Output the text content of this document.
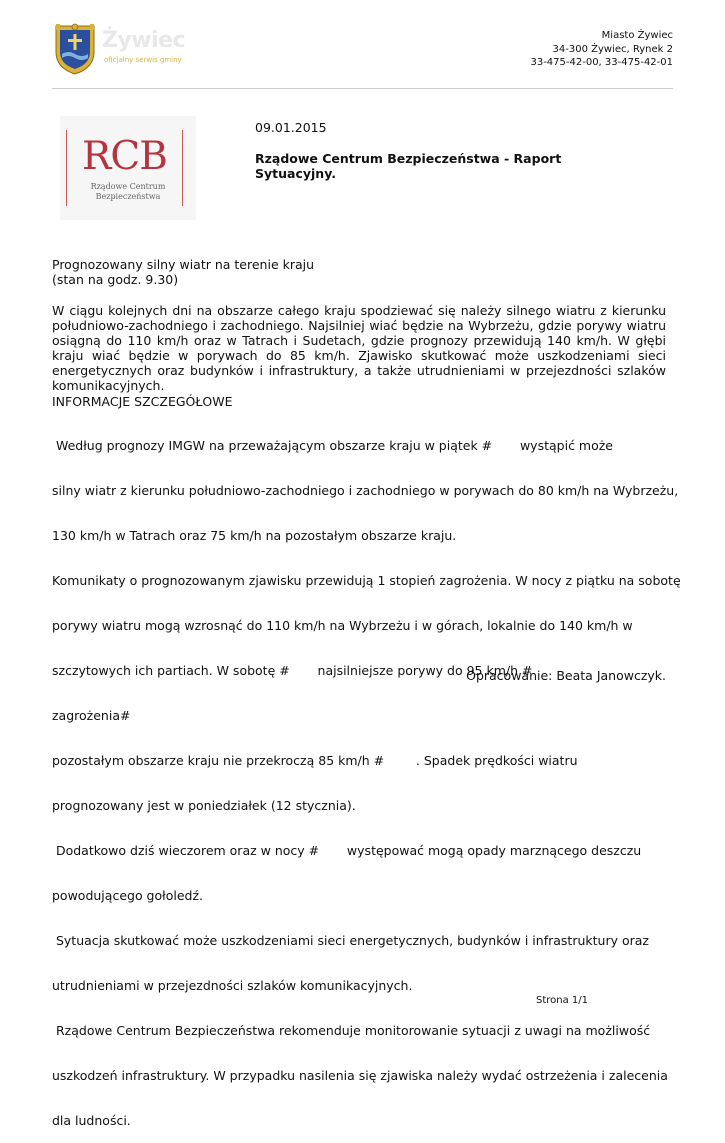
Żywiec
oficjalny serwis gminy
Miasto Żywiec
34-300 Żywiec, Rynek 2
33-475-42-00, 33-475-42-01
RCB
Rządowe Centrum
Bezpieczeństwa
09.01.2015
Rządowe Centrum Bezpieczeństwa - Raport Sytuacyjny.
Prognozowany silny wiatr na terenie kraju
(stan na godz. 9.30)
W ciągu kolejnych dni na obszarze całego kraju spodziewać się należy silnego wiatru z kierunku południowo-zachodniego i zachodniego. Najsilniej wiać będzie na Wybrzeżu, gdzie porywy wiatru osiągną do 110 km/h oraz w Tatrach i Sudetach, gdzie prognozy przewidują 140 km/h. W głębi kraju wiać będzie w porywach do 85 km/h. Zjawisko skutkować może uszkodzeniami sieci energetycznych oraz budynków i infrastruktury, a także utrudnieniami w przejezdności szlaków komunikacyjnych.
INFORMACJE SZCZEGÓŁOWE

Według prognozy IMGW na przeważającym obszarze kraju w piątek #       wystąpić może

silny wiatr z kierunku południowo-zachodniego i zachodniego w porywach do 80 km/h na Wybrzeżu,

130 km/h w Tatrach oraz 75 km/h na pozostałym obszarze kraju.

Komunikaty o prognozowanym zjawisku przewidują 1 stopień zagrożenia. W nocy z piątku na sobotę

porywy wiatru mogą wzrosnąć do 110 km/h na Wybrzeżu i w górach, lokalnie do 140 km/h w

szczytowych ich partiach. W sobotę #       najsilniejsze porywy do 95 km/h #

zagrożenia#

pozostałym obszarze kraju nie przekroczą 85 km/h #        . Spadek prędkości wiatru

prognozowany jest w poniedziałek (12 stycznia).

Dodatkowo dziś wieczorem oraz w nocy #       występować mogą opady marznącego deszczu

powodującego gołoledź.

Sytuacja skutkować może uszkodzeniami sieci energetycznych, budynków i infrastruktury oraz

utrudnieniami w przejezdności szlaków komunikacyjnych.

Rządowe Centrum Bezpieczeństwa rekomenduje monitorowanie sytuacji z uwagi na możliwość

uszkodzeń infrastruktury. W przypadku nasilenia się zjawiska należy wydać ostrzeżenia i zalecenia

dla ludności.

Opracowanie: Beata Janowczyk.
Strona 1/1
